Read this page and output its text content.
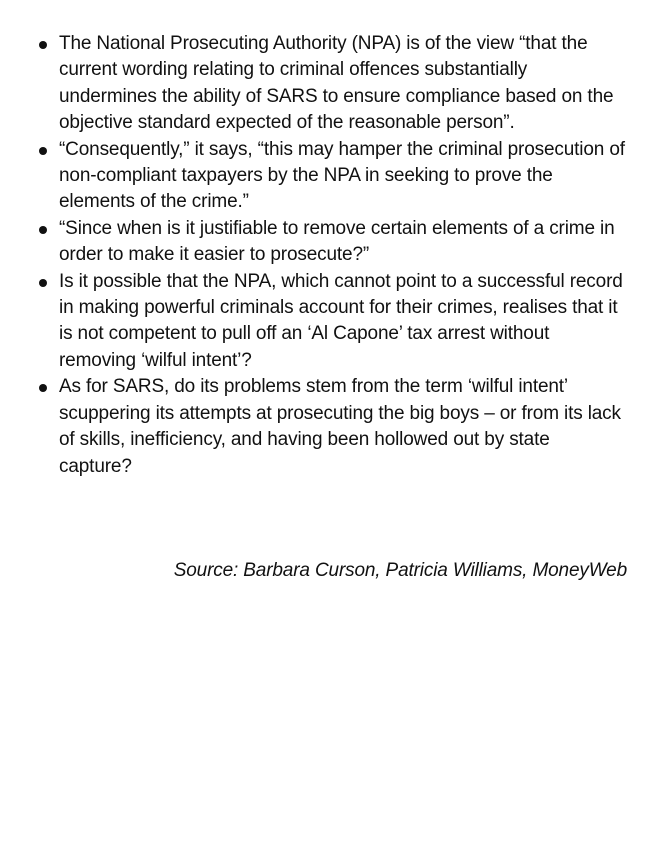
The National Prosecuting Authority (NPA) is of the view “that the current wording relating to criminal offences substantially undermines the ability of SARS to ensure compliance based on the objective standard expected of the reasonable person”.
“Consequently,” it says, “this may hamper the criminal prosecution of non-compliant taxpayers by the NPA in seeking to prove the elements of the crime.”
“Since when is it justifiable to remove certain elements of a crime in order to make it easier to prosecute?”
Is it possible that the NPA, which cannot point to a successful record in making powerful criminals account for their crimes, realises that it is not competent to pull off an ‘Al Capone’ tax arrest without removing ‘wilful intent’?
As for SARS, do its problems stem from the term ‘wilful intent’ scuppering its attempts at prosecuting the big boys – or from its lack of skills, inefficiency, and having been hollowed out by state capture?
Source: Barbara Curson, Patricia Williams, MoneyWeb
